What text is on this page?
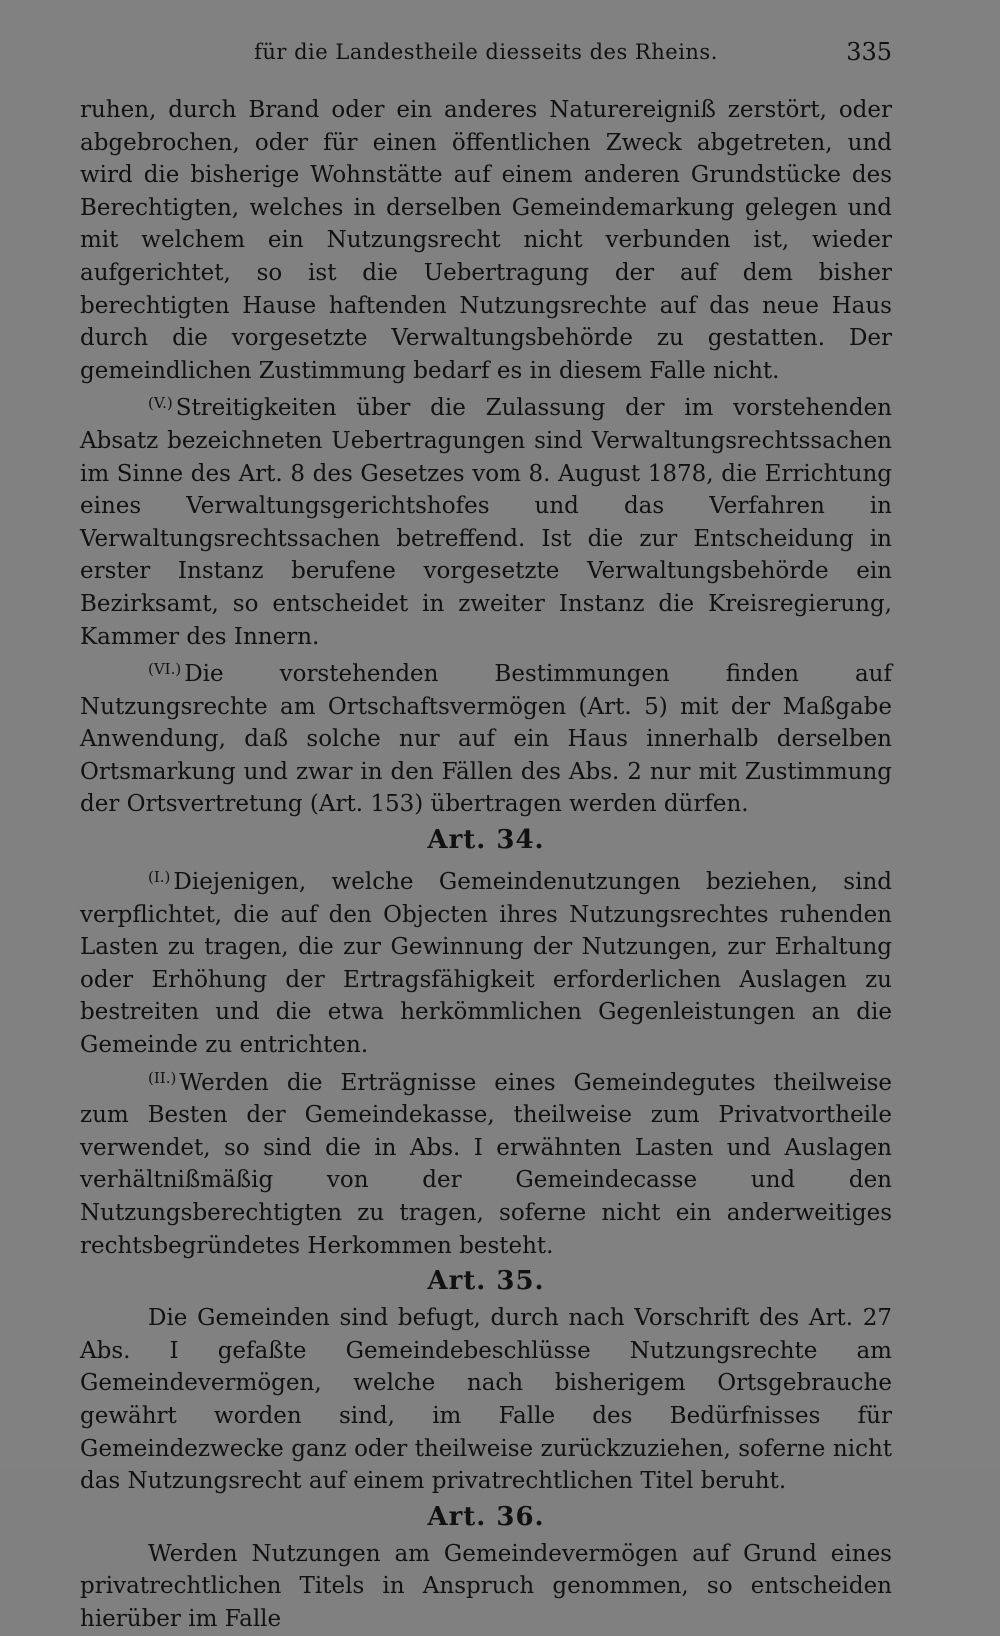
für die Landestheile diesseits des Rheins.	335

ruhen, durch Brand oder ein anderes Naturereigniß zerstört, oder abgebrochen, oder für einen öffentlichen Zweck abgetreten, und wird die bisherige Wohnstätte auf einem anderen Grundstücke des Berechtigten, welches in derselben Gemeindemarkung gelegen und mit welchem ein Nutzungsrecht nicht verbunden ist, wieder aufgerichtet, so ist die Uebertragung der auf dem bisher berechtigten Hause haftenden Nutzungsrechte auf das neue Haus durch die vorgesetzte Verwaltungsbehörde zu gestatten. Der gemeindlichen Zustimmung bedarf es in diesem Falle nicht.

$^{(V.)}$ Streitigkeiten über die Zulassung der im vorstehenden Absatz bezeichneten Uebertragungen sind Verwaltungsrechtssachen im Sinne des Art. 8 des Gesetzes vom 8. August 1878, die Errichtung eines Verwaltungsgerichtshofes und das Verfahren in Verwaltungsrechtssachen betreffend. Ist die zur Entscheidung in erster Instanz berufene vorgesetzte Verwaltungsbehörde ein Bezirksamt, so entscheidet in zweiter Instanz die Kreisregierung, Kammer des Innern.

$^{(VI.)}$ Die vorstehenden Bestimmungen finden auf Nutzungsrechte am Ortschaftsvermögen (Art. 5) mit der Maßgabe Anwendung, daß solche nur auf ein Haus innerhalb derselben Ortsmarkung und zwar in den Fällen des Abs. 2 nur mit Zustimmung der Ortsvertretung (Art. 153) übertragen werden dürfen.

Art. 34.

$^{(I.)}$ Diejenigen, welche Gemeindenutzungen beziehen, sind verpflichtet, die auf den Objecten ihres Nutzungsrechtes ruhenden Lasten zu tragen, die zur Gewinnung der Nutzungen, zur Erhaltung oder Erhöhung der Ertragsfähigkeit erforderlichen Auslagen zu bestreiten und die etwa herkömmlichen Gegenleistungen an die Gemeinde zu entrichten.

$^{(II.)}$ Werden die Erträgnisse eines Gemeindegutes theilweise zum Besten der Gemeindekasse, theilweise zum Privatvortheile verwendet, so sind die in Abs. I erwähnten Lasten und Auslagen verhältnißmäßig von der Gemeindecasse und den Nutzungsberechtigten zu tragen, soferne nicht ein anderweitiges rechtsbegründetes Herkommen besteht.

Art. 35.

Die Gemeinden sind befugt, durch nach Vorschrift des Art. 27 Abs. I gefaßte Gemeindebeschlüsse Nutzungsrechte am Gemeindevermögen, welche nach bisherigem Ortsgebrauche gewährt worden sind, im Falle des Bedürfnisses für Gemeindezwecke ganz oder theilweise zurückzuziehen, soferne nicht das Nutzungsrecht auf einem privatrechtlichen Titel beruht.

Art. 36.

Werden Nutzungen am Gemeindevermögen auf Grund eines privatrechtlichen Titels in Anspruch genommen, so entscheiden hierüber im Falle
